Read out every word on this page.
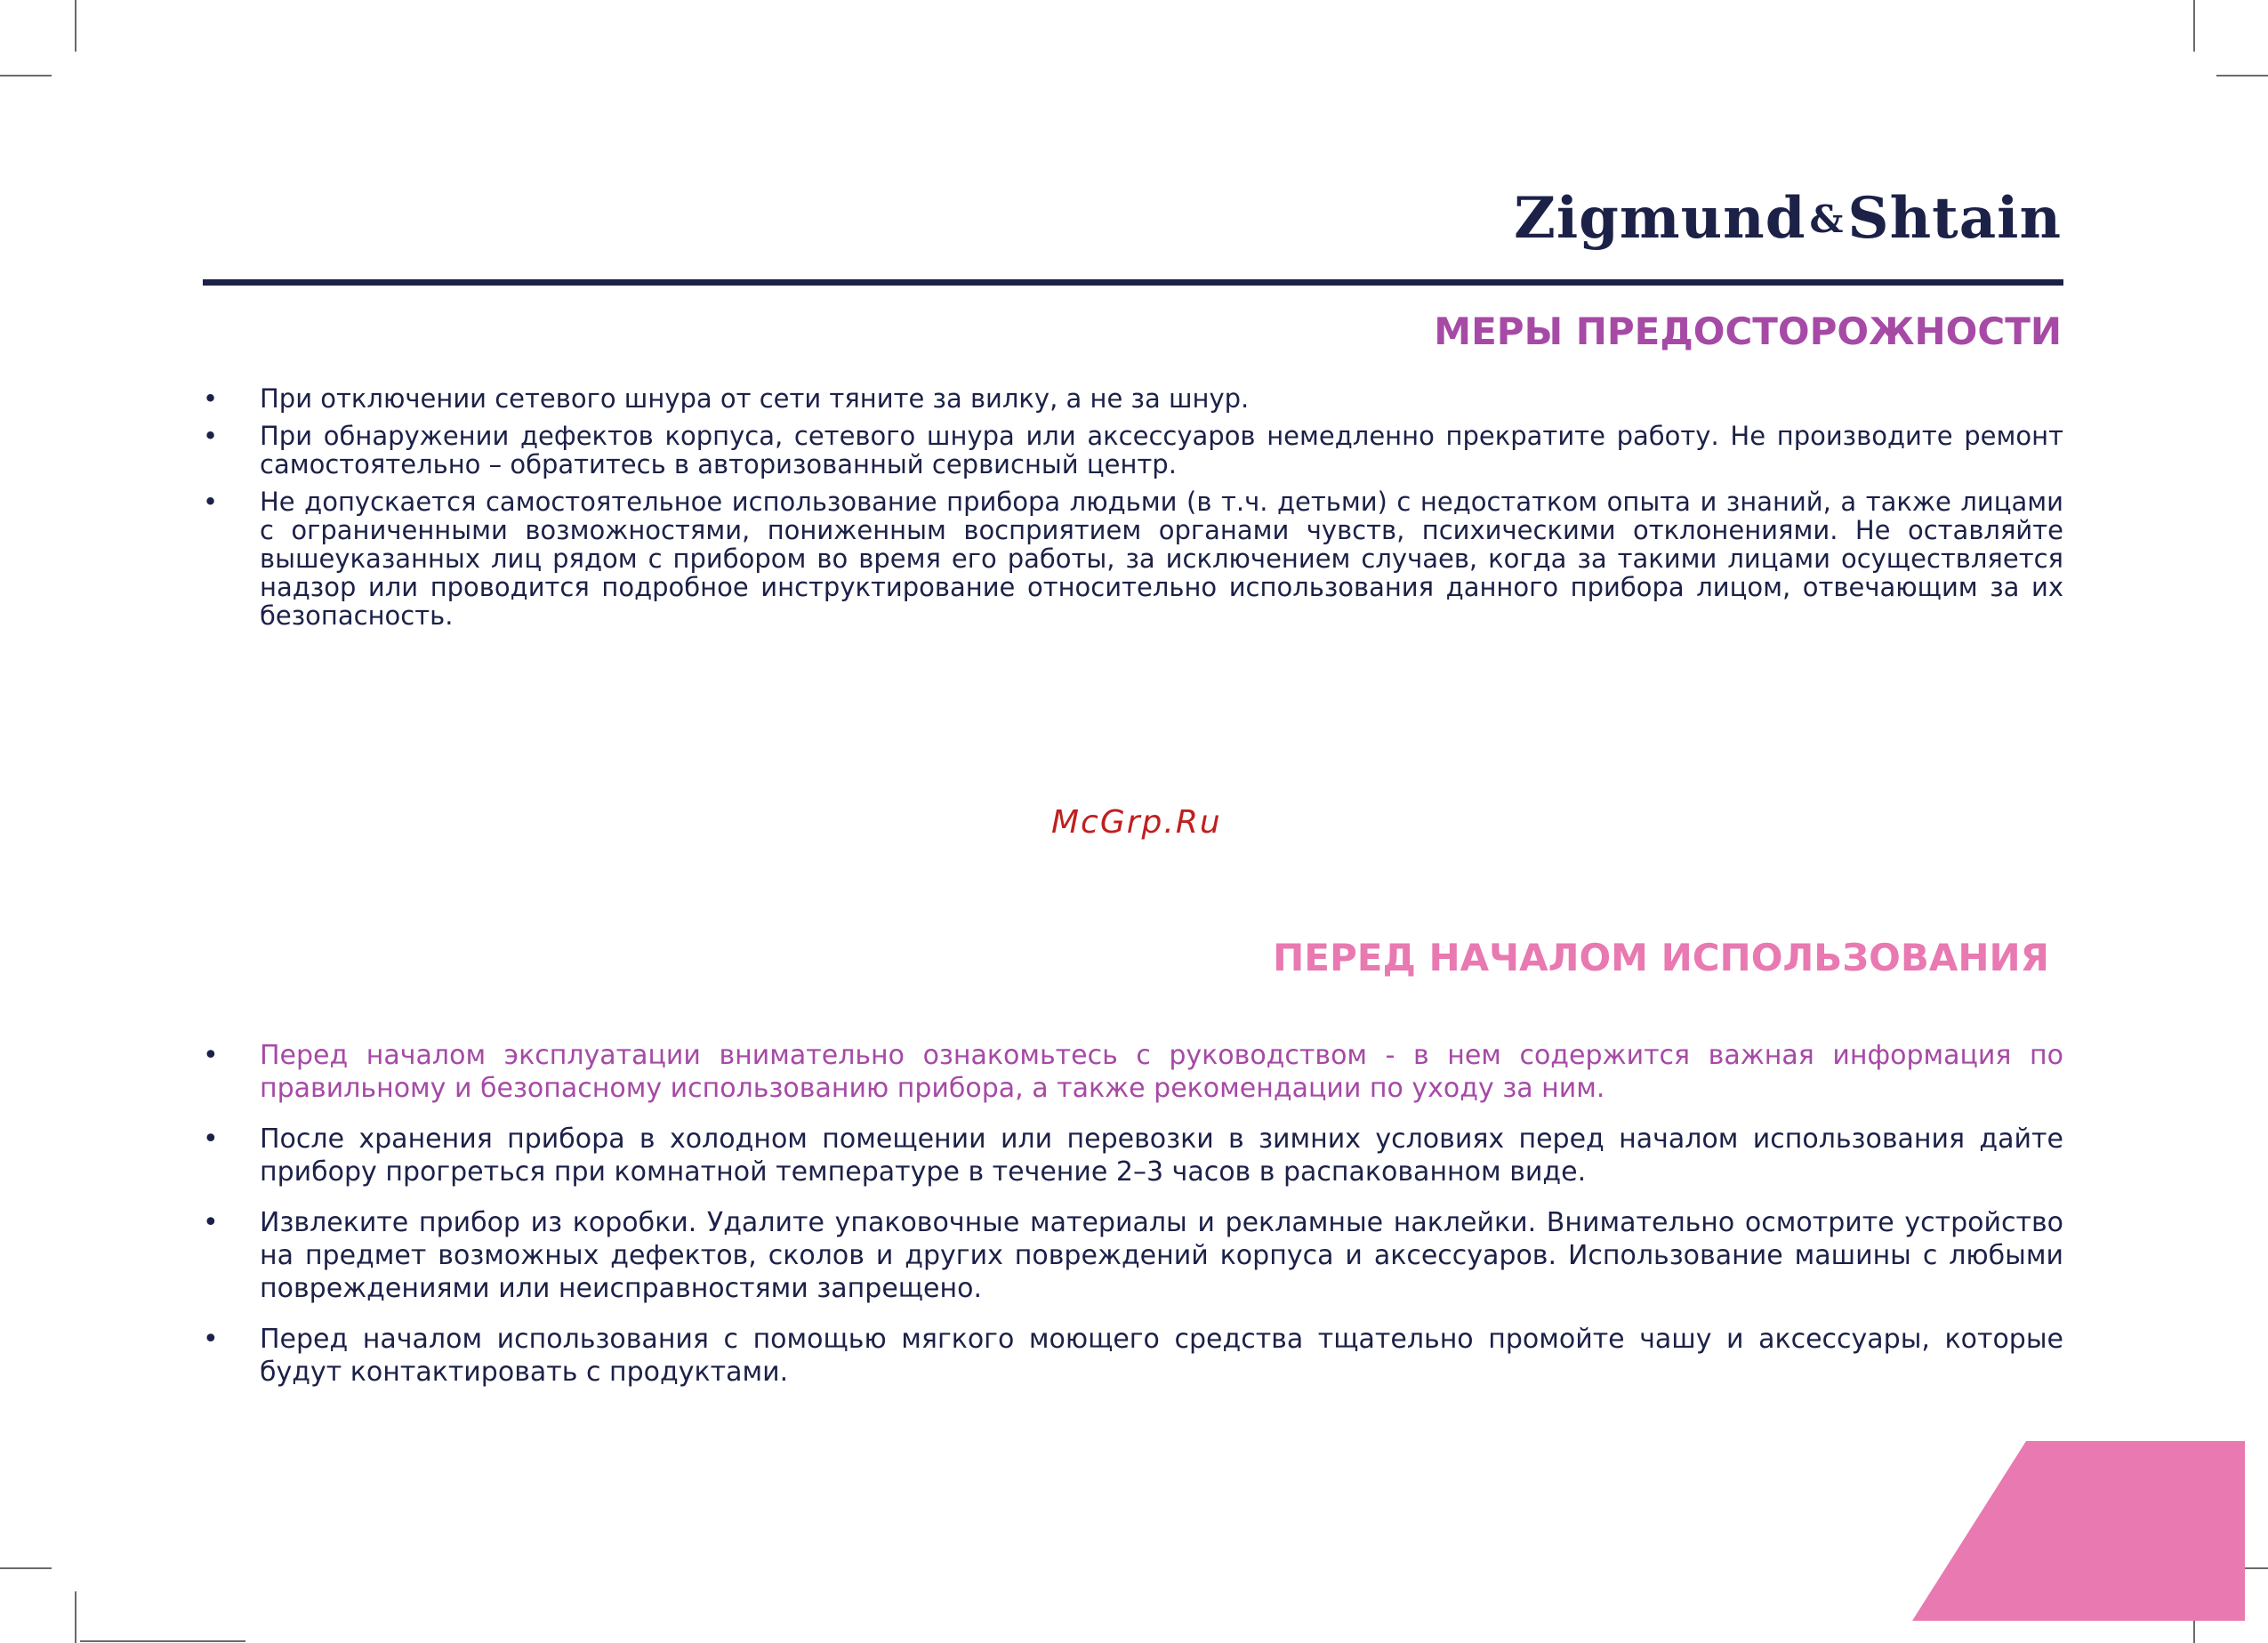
Zigmund&Shtain
МЕРЫ ПРЕДОСТОРОЖНОСТИ
•	При отключении сетевого шнура от сети тяните за вилку, а не за шнур.
•	При обнаружении дефектов корпуса, сетевого шнура или аксессуаров немедленно прекратите работу. Не производите ремонт самостоятельно – обратитесь в авторизованный сервисный центр.
•	Не допускается самостоятельное использование прибора людьми (в т.ч. детьми) с недостатком опыта и знаний, а также лицами с ограниченными возможностями, пониженным восприятием органами чувств, психическими отклонениями. Не оставляйте вышеуказанных лиц рядом с прибором во время его работы, за исключением случаев, когда за такими лицами осуществляется надзор или проводится подробное инструктирование относительно использования данного прибора лицом, отвечающим за их безопасность.
McGrp.Ru
ПЕРЕД НАЧАЛОМ ИСПОЛЬЗОВАНИЯ
•	Перед началом эксплуатации внимательно ознакомьтесь с руководством - в нем содержится важная информация по правильному и безопасному использованию прибора, а также рекомендации по уходу за ним.
•	После хранения прибора в холодном помещении или перевозки в зимних условиях перед началом использования дайте прибору прогреться при комнатной температуре в течение 2–3 часов в распакованном виде.
•	Извлеките прибор из коробки. Удалите упаковочные материалы и рекламные наклейки. Внимательно осмотрите устройство на предмет возможных дефектов, сколов и других повреждений корпуса и аксессуаров. Использование машины с любыми повреждениями или неисправностями запрещено.
•	Перед началом использования с помощью мягкого моющего средства тщательно промойте чашу и аксессуары, которые будут контактировать с продуктами.
